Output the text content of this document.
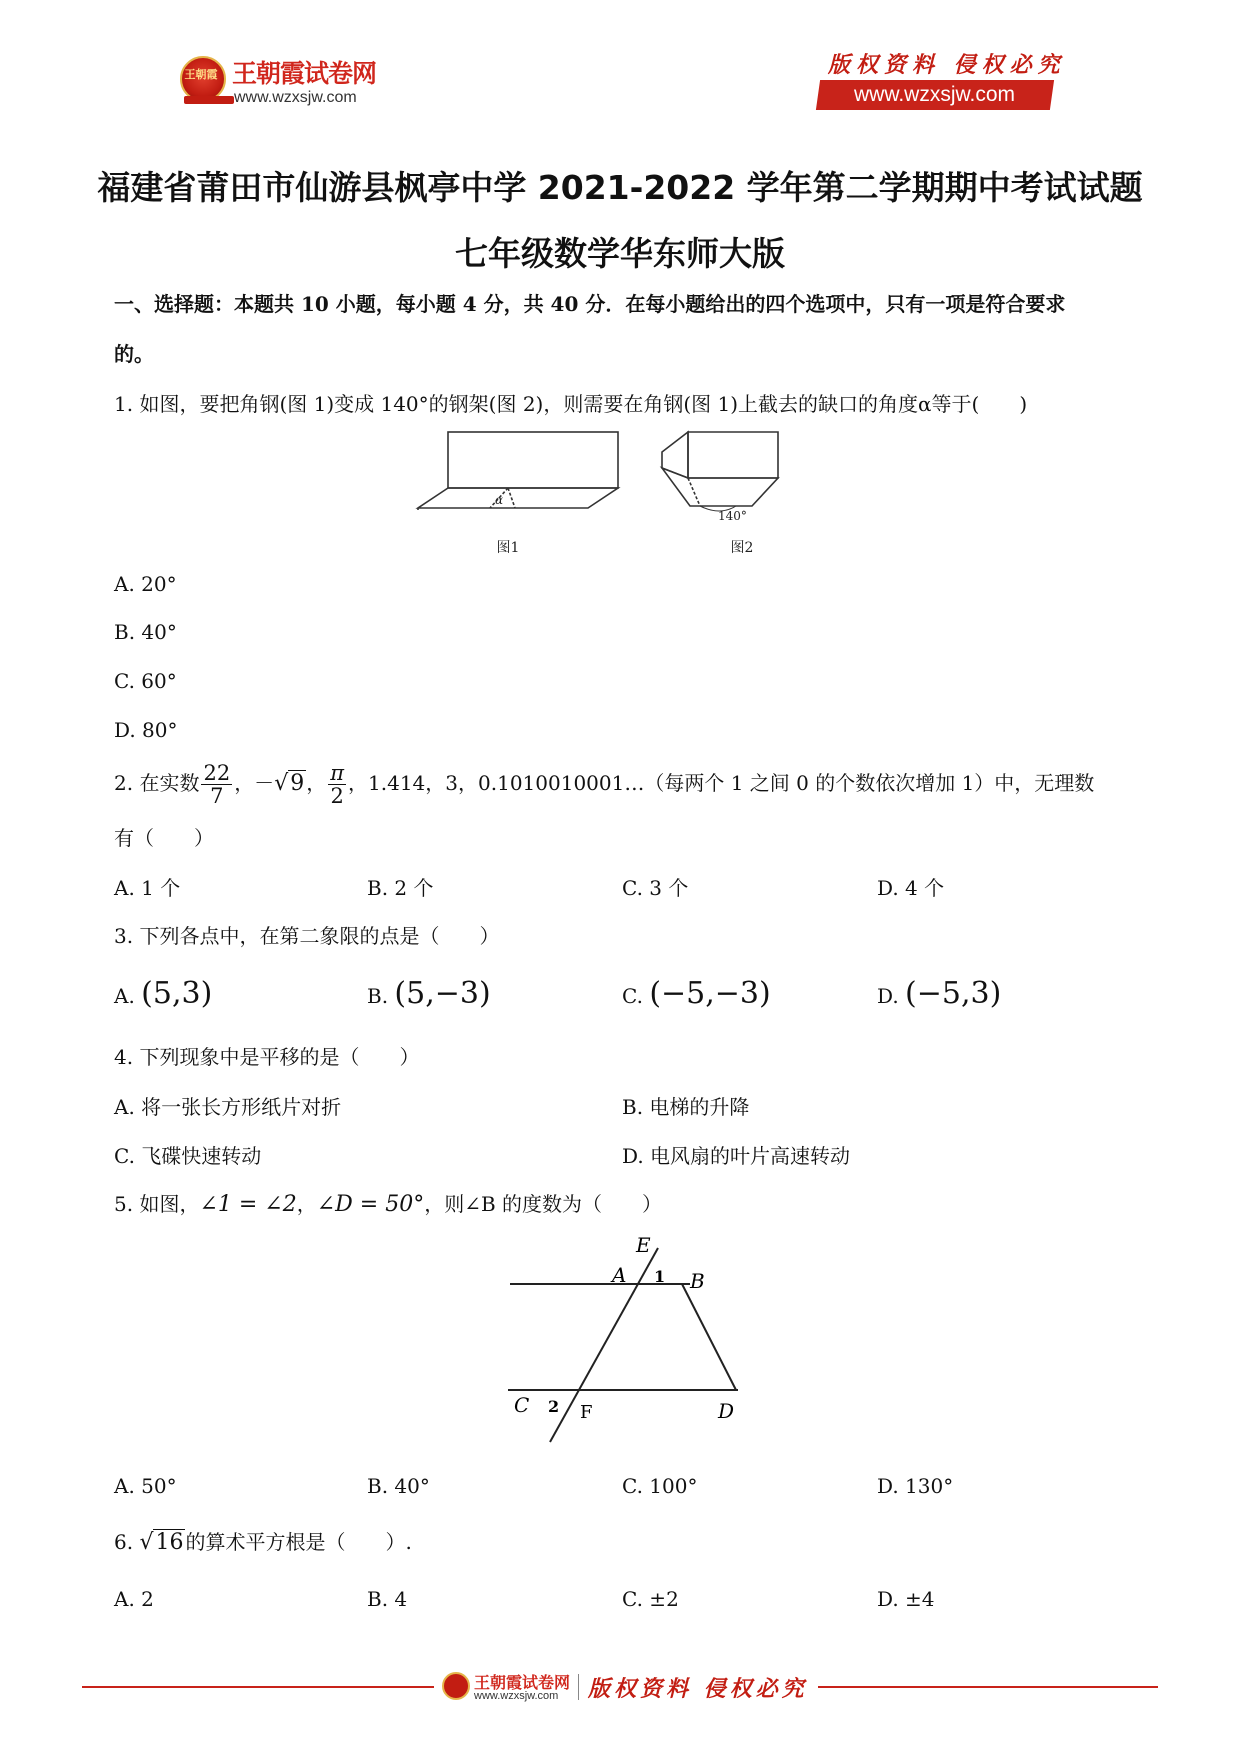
王朝霞 王朝霞试卷网
www.wzxsjw.com
版权资料 侵权必究
www.wzxsjw.com
福建省莆田市仙游县枫亭中学 2021-2022 学年第二学期期中考试试题
七年级数学华东师大版
一、选择题：本题共 10 小题，每小题 4 分，共 40 分．在每小题给出的四个选项中，只有一项是符合要求
的。
1. 如图，要把角钢(图 1)变成 140°的钢架(图 2)，则需要在角钢(图 1)上截去的缺口的角度α等于(　　)
α
140°
图1	图2
A. 20°
B. 40°
C. 60°
D. 80°
2. 在实数 $\frac{22}{7}$ ，－√9 ， $\frac{\pi}{2}$ ，1.414，3，0.1010010001…（每两个 1 之间 0 的个数依次增加 1）中，无理数
有（　　）
A. 1 个	B. 2 个	C. 3 个	D. 4 个
3. 下列各点中，在第二象限的点是（　　）
A. (5,3)	B. (5,−3)	C. (−5,−3)	D. (−5,3)
4. 下列现象中是平移的是（　　）
A. 将一张长方形纸片对折	B. 电梯的升降
C. 飞碟快速转动	D. 电风扇的叶片高速转动
5. 如图，∠1 = ∠2，∠D = 50°，则∠B 的度数为（　　）
E
A 1 B
C 2 F	D
A. 50°	B. 40°	C. 100°	D. 130°
6. √16 的算术平方根是（　　）.
A. 2	B. 4	C. ±2	D. ±4
王朝霞试卷网
www.wzxsjw.com 版权资料 侵权必究
